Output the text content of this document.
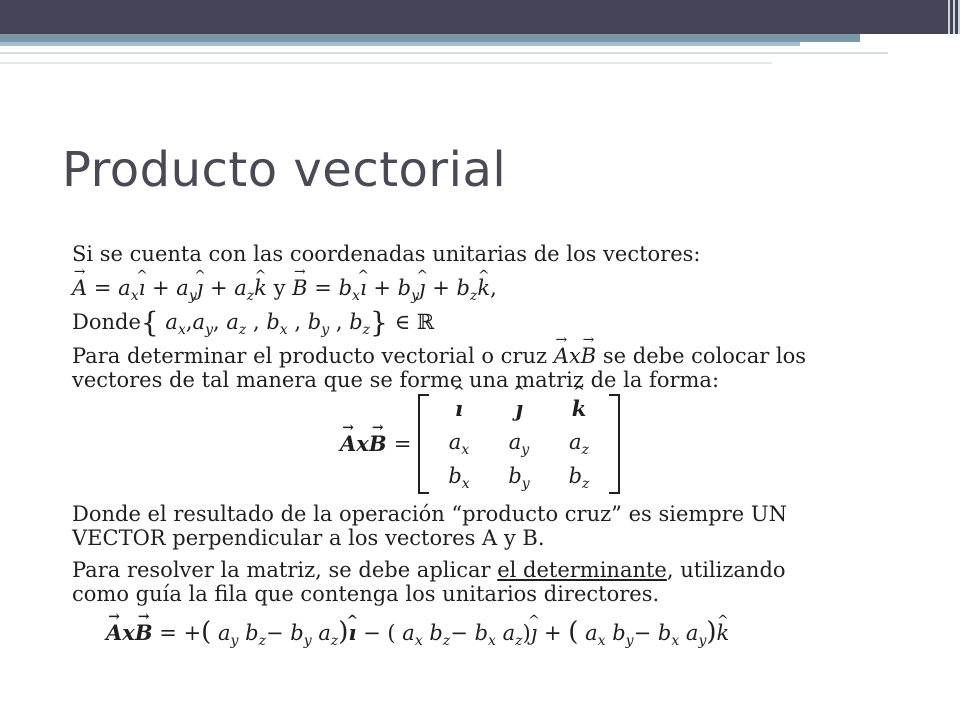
Producto vectorial
Si se cuenta con las coordenadas unitarias de los vectores:
A → = $a_xı$ ^ + $a_yȷ$ ^ + $a_zk$ ^ y B → = $b_xı$ ^ + $b_yȷ$ ^ + $b_zk$ ^,
Donde{ $a_x,a_y$, $a_z$ , $b_x$ , $b_y$ , $b_z$} ∈ ℝ
Para determinar el producto vectorial o cruz A →xB → se debe colocar los
vectores de tal manera que se forme una matriz de la forma:
A →xB → =
ı ^	ȷ ^	k ^
$a_x$	$a_y$	$a_z$
$b_x$	$b_y$	$b_z$
Donde el resultado de la operación “producto cruz” es siempre UN
VECTOR perpendicular a los vectores A y B.
Para resolver la matriz, se debe aplicar el determinante, utilizando
como guía la fila que contenga los unitarios directores.
A →xB → = +( $a_y$ $b_z- b_y$ $a_z)ı$ ^ − ( $a_x$ $b_z- b_x$ $a_z)ȷ$ ^ + ( $a_x$ $b_y- b_x$ $a_y)k$ ^
